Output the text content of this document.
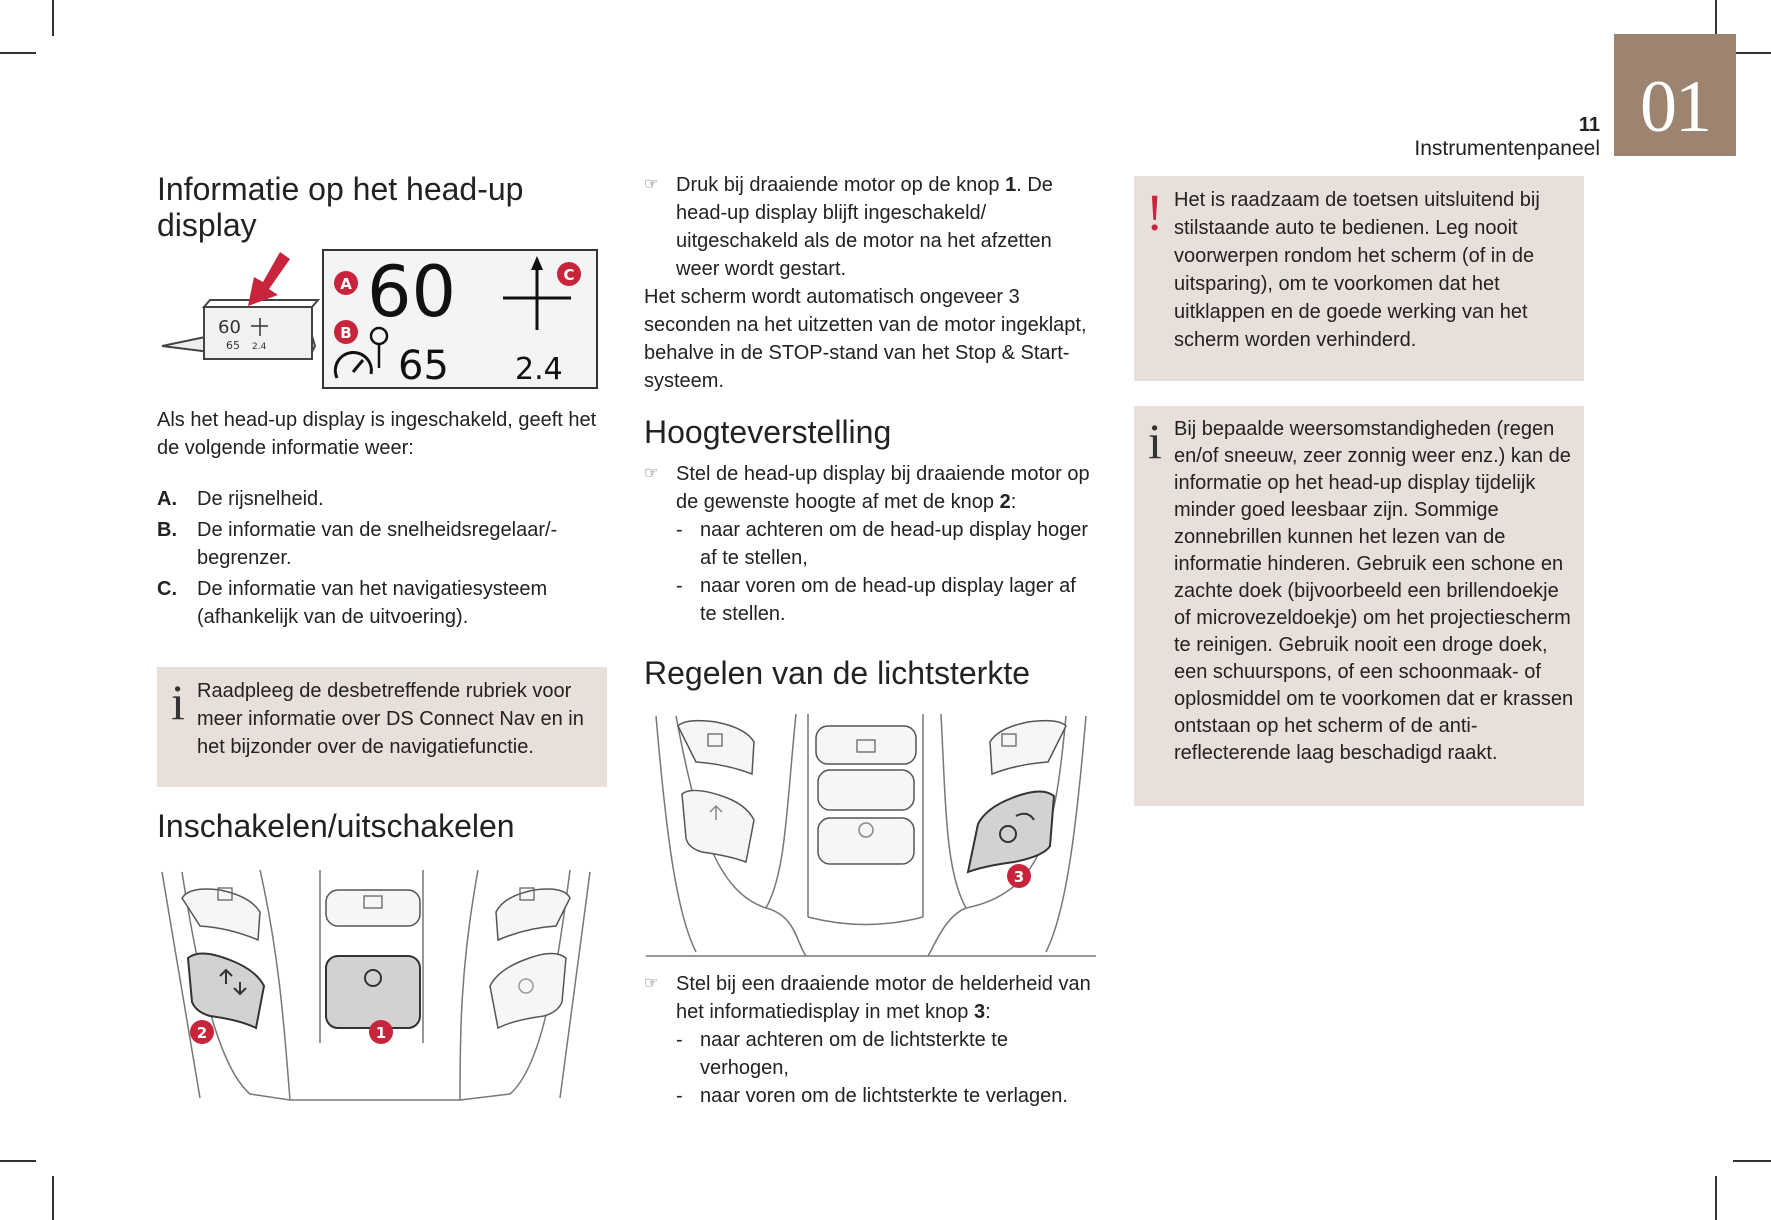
11
Instrumentenpaneel
01
Informatie op het head-up display
60
65 2.4
A 60
B
C
65 2.4
Als het head-up display is ingeschakeld, geeft het de volgende informatie weer:
A. De rijsnelheid.
B. De informatie van de snelheidsregelaar/-begrenzer.
C. De informatie van het navigatiesysteem (afhankelijk van de uitvoering).
i Raadpleeg de desbetreffende rubriek voor meer informatie over DS Connect Nav en in het bijzonder over de navigatiefunctie.
Inschakelen/uitschakelen
2	1
☞ Druk bij draaiende motor op de knop 1. De head-up display blijft ingeschakeld/ uitgeschakeld als de motor na het afzetten weer wordt gestart.
Het scherm wordt automatisch ongeveer 3 seconden na het uitzetten van de motor ingeklapt, behalve in de STOP-stand van het Stop & Start-systeem.
Hoogteverstelling
☞ Stel de head-up display bij draaiende motor op de gewenste hoogte af met de knop 2:
- naar achteren om de head-up display hoger af te stellen,
- naar voren om de head-up display lager af te stellen.
Regelen van de lichtsterkte
3
☞ Stel bij een draaiende motor de helderheid van het informatiedisplay in met knop 3:
- naar achteren om de lichtsterkte te verhogen,
- naar voren om de lichtsterkte te verlagen.
! Het is raadzaam de toetsen uitsluitend bij stilstaande auto te bedienen. Leg nooit voorwerpen rondom het scherm (of in de uitsparing), om te voorkomen dat het uitklappen en de goede werking van het scherm worden verhinderd.
i Bij bepaalde weersomstandigheden (regen en/of sneeuw, zeer zonnig weer enz.) kan de informatie op het head-up display tijdelijk minder goed leesbaar zijn. Sommige zonnebrillen kunnen het lezen van de informatie hinderen. Gebruik een schone en zachte doek (bijvoorbeeld een brillendoekje of microvezeldoekje) om het projectiescherm te reinigen. Gebruik nooit een droge doek, een schuurspons, of een schoonmaak- of oplosmiddel om te voorkomen dat er krassen ontstaan op het scherm of de anti-reflecterende laag beschadigd raakt.
